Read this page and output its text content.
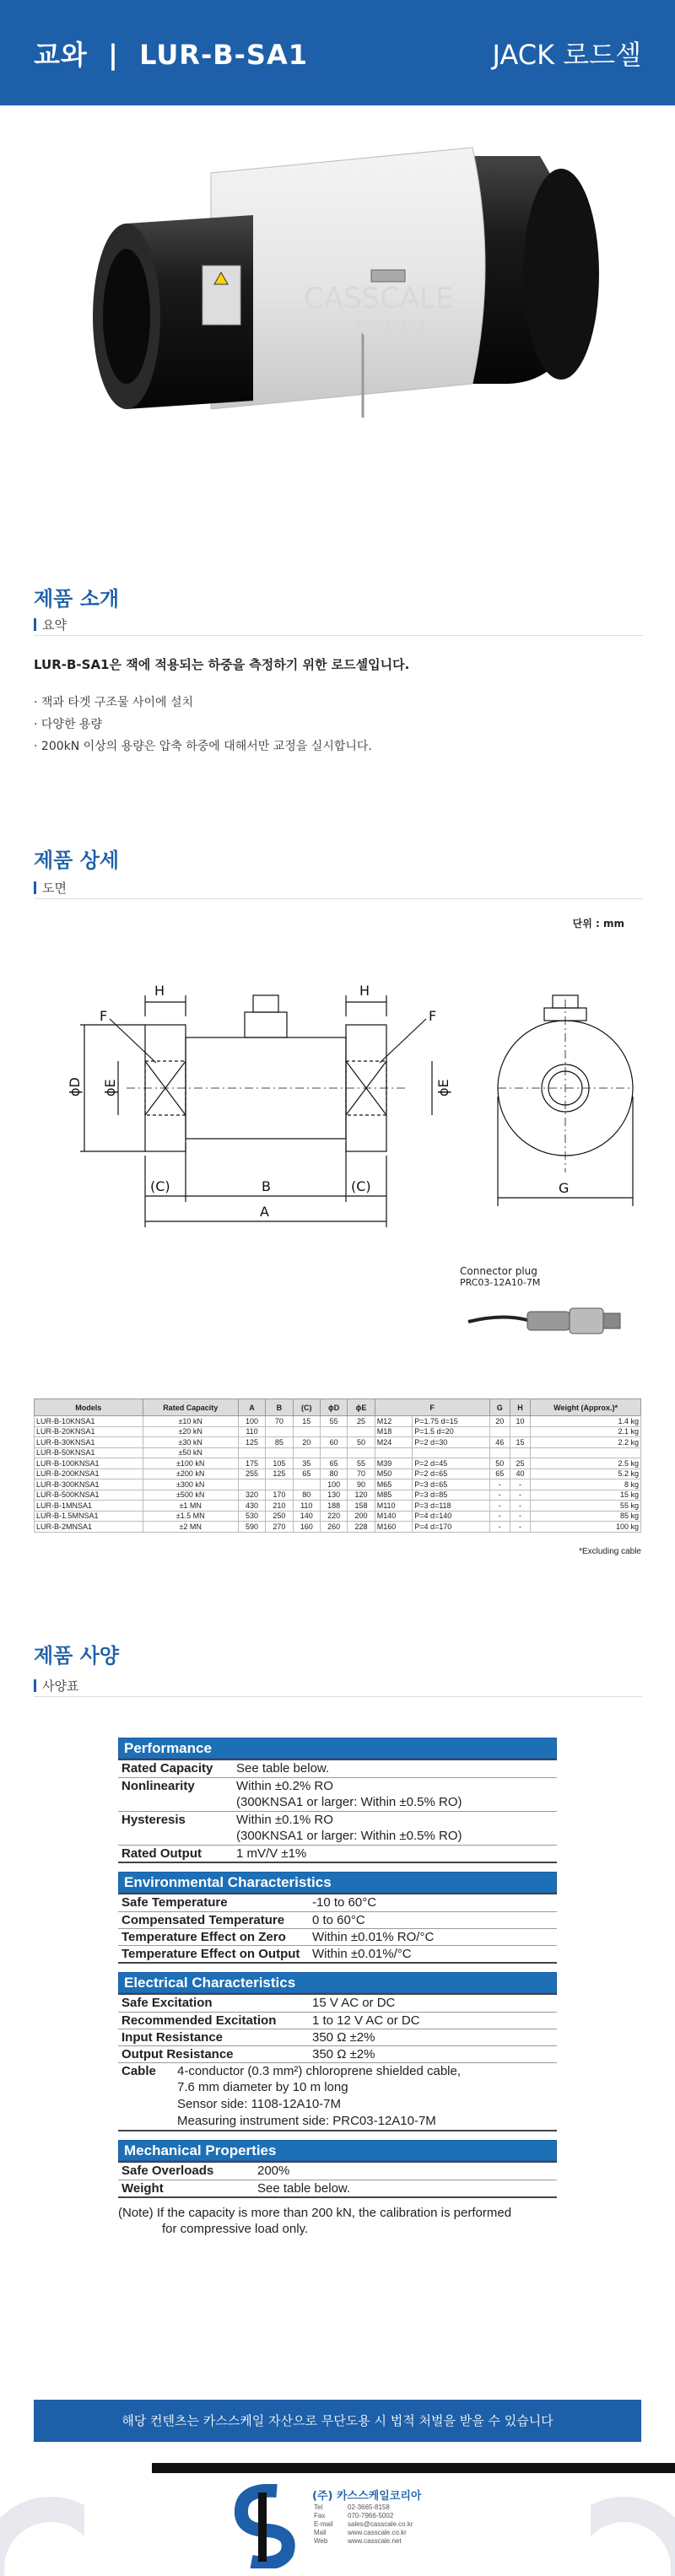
교와  |  LUR-B-SA1	JACK 로드셀
CASSCALE
KOREA
제품 소개
요약
LUR-B-SA1은 잭에 적용되는 하중을 측정하기 위한 로드셀입니다.
· 잭과 타겟 구조물 사이에 설치
· 다양한 용량
· 200kN 이상의 용량은 압축 하중에 대해서만 교정을 실시합니다.
제품 상세
도면
단위 : mm
H	H
F	F
ϕD ϕE	ϕE
(C)	B	(C)
A
G
Connector plug
PRC03-12A10-7M
Models	Rated Capacity	A	B	(C)	ϕD	ϕE	F		G	H	Weight (Approx.)*
LUR-B-10KNSA1	±10 kN	100	70	15	55	25	M12	P=1.75 d=15	20	10	1.4 kg
LUR-B-20KNSA1	±20 kN	110					M18	P=1.5 d=20			2.1 kg
LUR-B-30KNSA1	±30 kN	125	85	20	60	50	M24	P=2 d=30	46	15	2.2 kg
LUR-B-50KNSA1	±50 kN										
LUR-B-100KNSA1	±100 kN	175	105	35	65	55	M39	P=2 d=45	50	25	2.5 kg
LUR-B-200KNSA1	±200 kN	255	125	65	80	70	M50	P=2 d=65	65	40	5.2 kg
LUR-B-300KNSA1	±300 kN				100	90	M65	P=3 d=65	-	-	8 kg
LUR-B-500KNSA1	±500 kN	320	170	80	130	120	M85	P=3 d=85	-	-	15 kg
LUR-B-1MNSA1	±1 MN	430	210	110	188	158	M110	P=3 d=118	-	-	55 kg
LUR-B-1.5MNSA1	±1.5 MN	530	250	140	220	200	M140	P=4 d=140	-	-	85 kg
LUR-B-2MNSA1	±2 MN	590	270	160	260	228	M160	P=4 d=170	-	-	100 kg
*Excluding cable
제품 사양
사양표
Performance
Rated Capacity	See table below.
Nonlinearity	Within ±0.2% RO
(300KNSA1 or larger: Within ±0.5% RO)
Hysteresis	Within ±0.1% RO
(300KNSA1 or larger: Within ±0.5% RO)
Rated Output	1 mV/V ±1%
Environmental Characteristics
Safe Temperature	-10 to 60°C
Compensated Temperature	0 to 60°C
Temperature Effect on Zero	Within ±0.01% RO/°C
Temperature Effect on Output Within ±0.01%/°C
Electrical Characteristics
Safe Excitation	15 V AC or DC
Recommended Excitation	1 to 12 V AC or DC
Input Resistance	350 Ω ±2%
Output Resistance	350 Ω ±2%
Cable	4-conductor (0.3 mm²) chloroprene shielded cable,
7.6 mm diameter by 10 m long
Sensor side: 1108-12A10-7M
Measuring instrument side: PRC03-12A10-7M
Mechanical Properties
Safe Overloads	200%
Weight	See table below.
(Note) If the capacity is more than 200 kN, the calibration is performed
for compressive load only.
해당 컨텐츠는 카스스케일 자산으로 무단도용 시 법적 처벌을 받을 수 있습니다
(주) 카스스케일코리아
Tel	02-3665-8158
Fax	070-7966-5002
E-mail sales@casscale.co.kr
Mall	www.casscale.co.kr
Web	www.casscale.net
